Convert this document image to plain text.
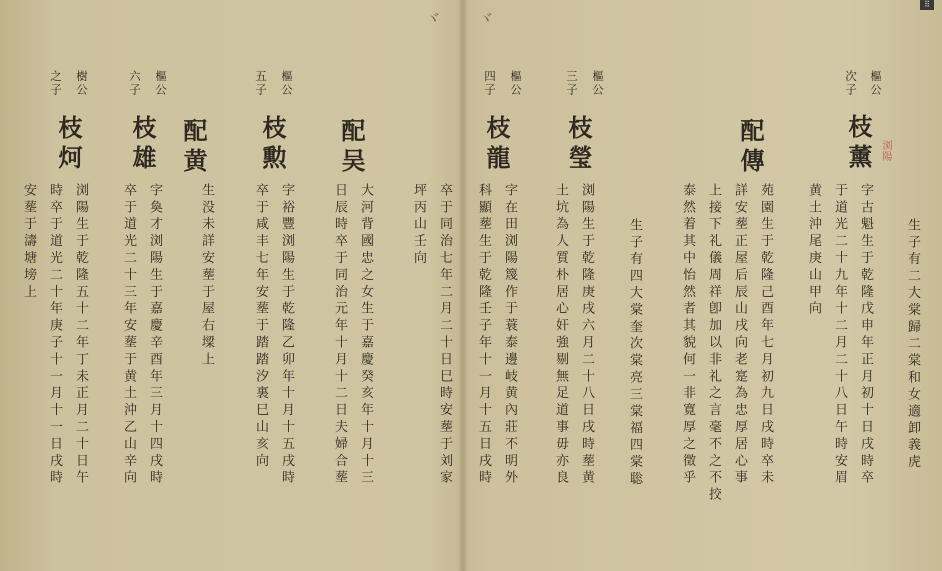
ヾ ヾ
⠿
生子有二大棠歸二棠和女適卸義虎
樞公
次子
枝薰
字古魁生于乾隆戊申年正月初十日戌時卒
于道光二十九年十二月二十八日午時安眉
黄土沖尾庚山甲向
浏陽
配傳
苑園生于乾隆己酉年七月初九日戌時卒未
詳安塟正屋后辰山戌向老寔為忠厚居心事
上接下礼儀周祥卽加以非礼之言毫不之不挍
泰然着其中怡然者其貌何一非寛厚之徵乎
生子有四大棠奎次棠亮三棠福四棠聡
樞公
三子
枝瑩
浏陽生于乾隆庚戌六月二十八日戌時塟黄
土坑為人質朴居心奸強剔無足道事毋亦良
樞公
四子
枝龍
字在田浏陽篾作于蓑泰邊岐黄內莊不明外
科顯塟生于乾隆壬子年十一月十五日戌時
卒于同治七年二月二十日巳時安塟于刘家
坪丙山壬向
配吴
大河背國忠之女生于嘉慶癸亥年十月十三
日辰時卒于同治元年十月十二日夫婦合塟
樞公
五子
枝勲
字裕豐浏陽生于乾隆乙卯年十月十五戌時
卒于咸丰七年安塟于踏踏汐裏巳山亥向
配黄
生没未詳安塟于屋右墚上
樞公
六子
枝雄
字奐才浏陽生于嘉慶辛酉年三月十四戌時
卒于道光二十三年安塟于黄土沖乙山辛向
樹公
之子
枝炣
浏陽生于乾隆五十二年丁未正月二十日午
時卒于道光二十年庚子十一月十一日戌時
安塟于濤塘塝上
